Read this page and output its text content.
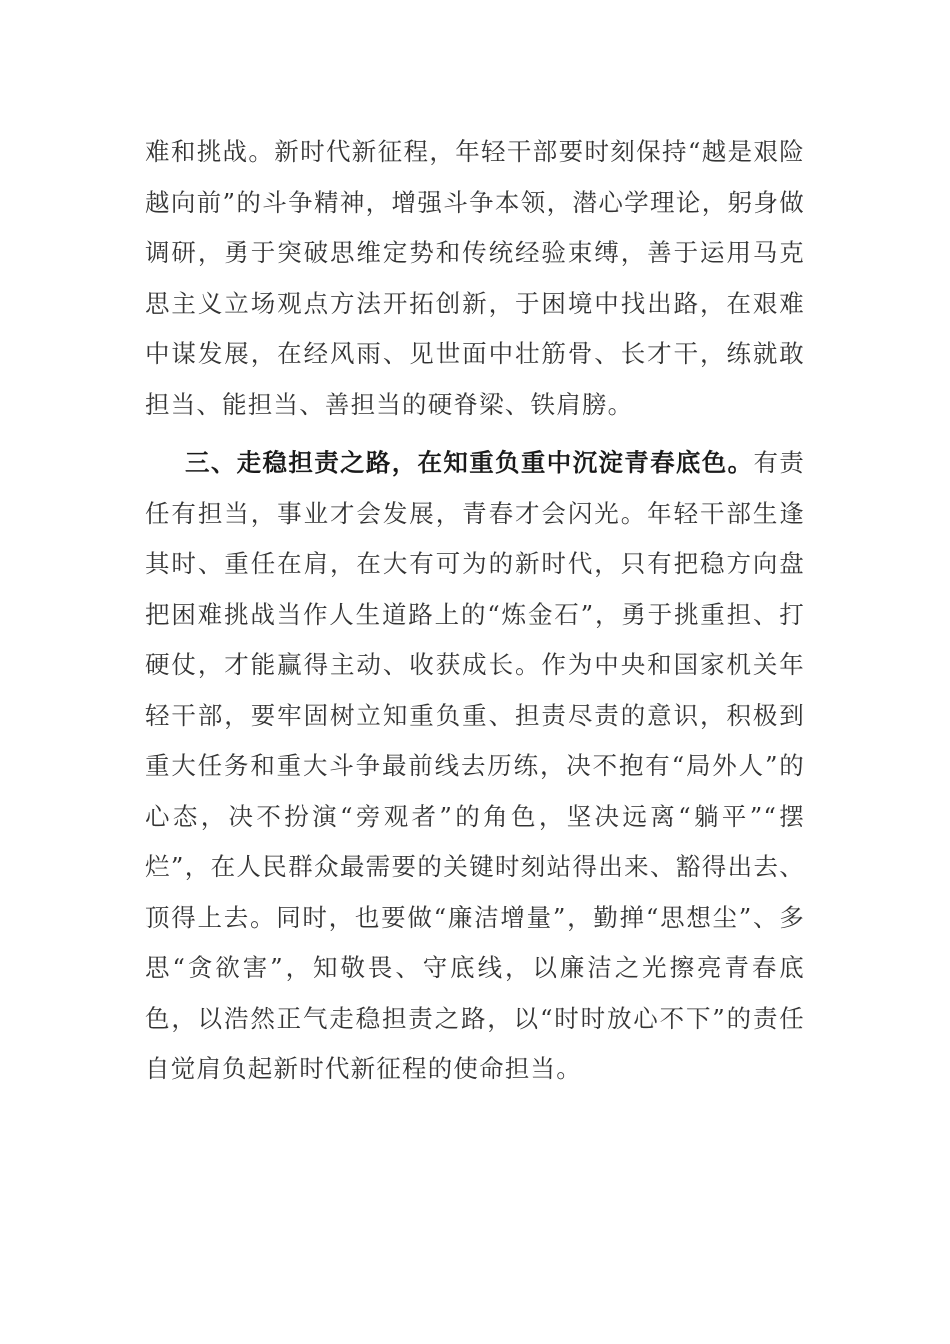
难和挑战。新时代新征程，年轻干部要时刻保持“越是艰险越向前”的斗争精神，增强斗争本领，潜心学理论，躬身做调研，勇于突破思维定势和传统经验束缚，善于运用马克思主义立场观点方法开拓创新，于困境中找出路，在艰难中谋发展，在经风雨、见世面中壮筋骨、长才干，练就敢担当、能担当、善担当的硬脊梁、铁肩膀。

三、走稳担责之路，在知重负重中沉淀青春底色。有责任有担当，事业才会发展，青春才会闪光。年轻干部生逢其时、重任在肩，在大有可为的新时代，只有把稳方向盘把困难挑战当作人生道路上的“炼金石”，勇于挑重担、打硬仗，才能赢得主动、收获成长。作为中央和国家机关年轻干部，要牢固树立知重负重、担责尽责的意识，积极到重大任务和重大斗争最前线去历练，决不抱有“局外人”的心态，决不扮演“旁观者”的角色，坚决远离“躺平”“摆烂”，在人民群众最需要的关键时刻站得出来、豁得出去、顶得上去。同时，也要做“廉洁增量”，勤掸“思想尘”、多思“贪欲害”，知敬畏、守底线，以廉洁之光擦亮青春底色，以浩然正气走稳担责之路，以“时时放心不下”的责任自觉肩负起新时代新征程的使命担当。
